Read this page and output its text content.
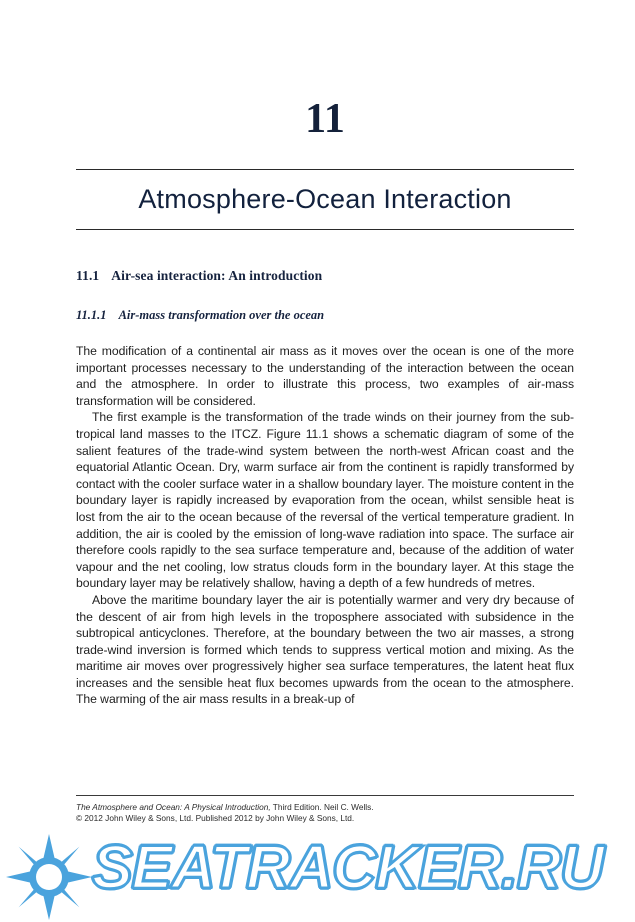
11
Atmosphere-Ocean Interaction
11.1 Air-sea interaction: An introduction
11.1.1 Air-mass transformation over the ocean

The modification of a continental air mass as it moves over the ocean is one of the more important processes necessary to the understanding of the interaction between the ocean and the atmosphere. In order to illustrate this process, two examples of air-mass transformation will be considered.

The first example is the transformation of the trade winds on their journey from the sub-tropical land masses to the ITCZ. Figure 11.1 shows a schematic diagram of some of the salient features of the trade-wind system between the north-west African coast and the equatorial Atlantic Ocean. Dry, warm surface air from the continent is rapidly transformed by contact with the cooler surface water in a shallow boundary layer. The moisture content in the boundary layer is rapidly increased by evaporation from the ocean, whilst sensible heat is lost from the air to the ocean because of the reversal of the vertical temperature gradient. In addition, the air is cooled by the emission of long-wave radiation into space. The surface air therefore cools rapidly to the sea surface temperature and, because of the addition of water vapour and the net cooling, low stratus clouds form in the boundary layer. At this stage the boundary layer may be relatively shallow, having a depth of a few hundreds of metres.

Above the maritime boundary layer the air is potentially warmer and very dry because of the descent of air from high levels in the troposphere associated with subsidence in the subtropical anticyclones. Therefore, at the boundary between the two air masses, a strong trade-wind inversion is formed which tends to suppress vertical motion and mixing. As the maritime air moves over progressively higher sea surface temperatures, the latent heat flux increases and the sensible heat flux becomes upwards from the ocean to the atmosphere. The warming of the air mass results in a break-up of

The Atmosphere and Ocean: A Physical Introduction, Third Edition. Neil C. Wells.
© 2012 John Wiley & Sons, Ltd. Published 2012 by John Wiley & Sons, Ltd.
SEATRACKER.RU
